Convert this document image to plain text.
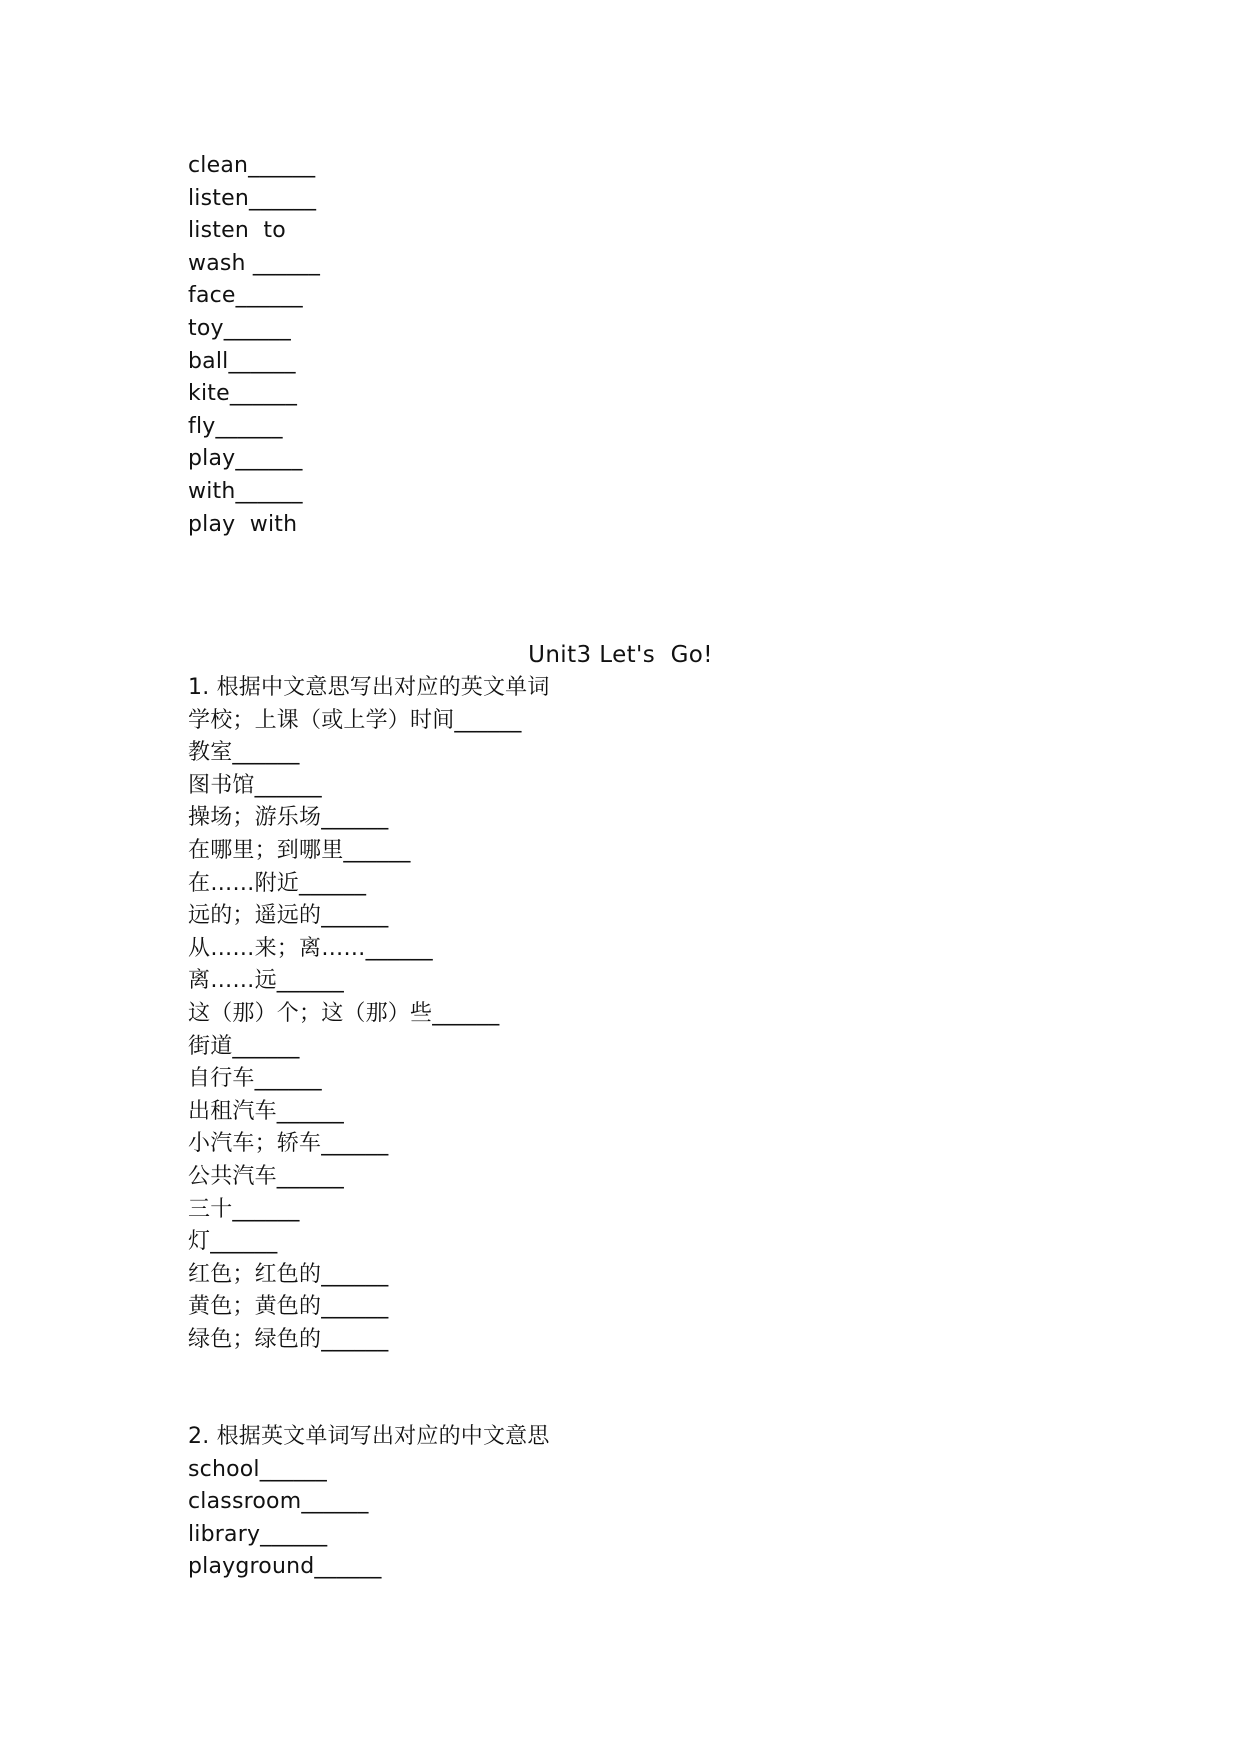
clean______
listen______
listen  to
wash ______
face______
toy______
ball______
kite______
fly______
play______
with______
play  with
Unit3 Let's  Go!
1. 根据中文意思写出对应的英文单词
学校；上课（或上学）时间______
教室______
图书馆______
操场；游乐场______
在哪里；到哪里______
在……附近______
远的；遥远的______
从……来；离……______
离……远______
这（那）个；这（那）些______
街道______
自行车______
出租汽车______
小汽车；轿车______
公共汽车______
三十______
灯______
红色；红色的______
黄色；黄色的______
绿色；绿色的______
2. 根据英文单词写出对应的中文意思
school______
classroom______
library______
playground______
